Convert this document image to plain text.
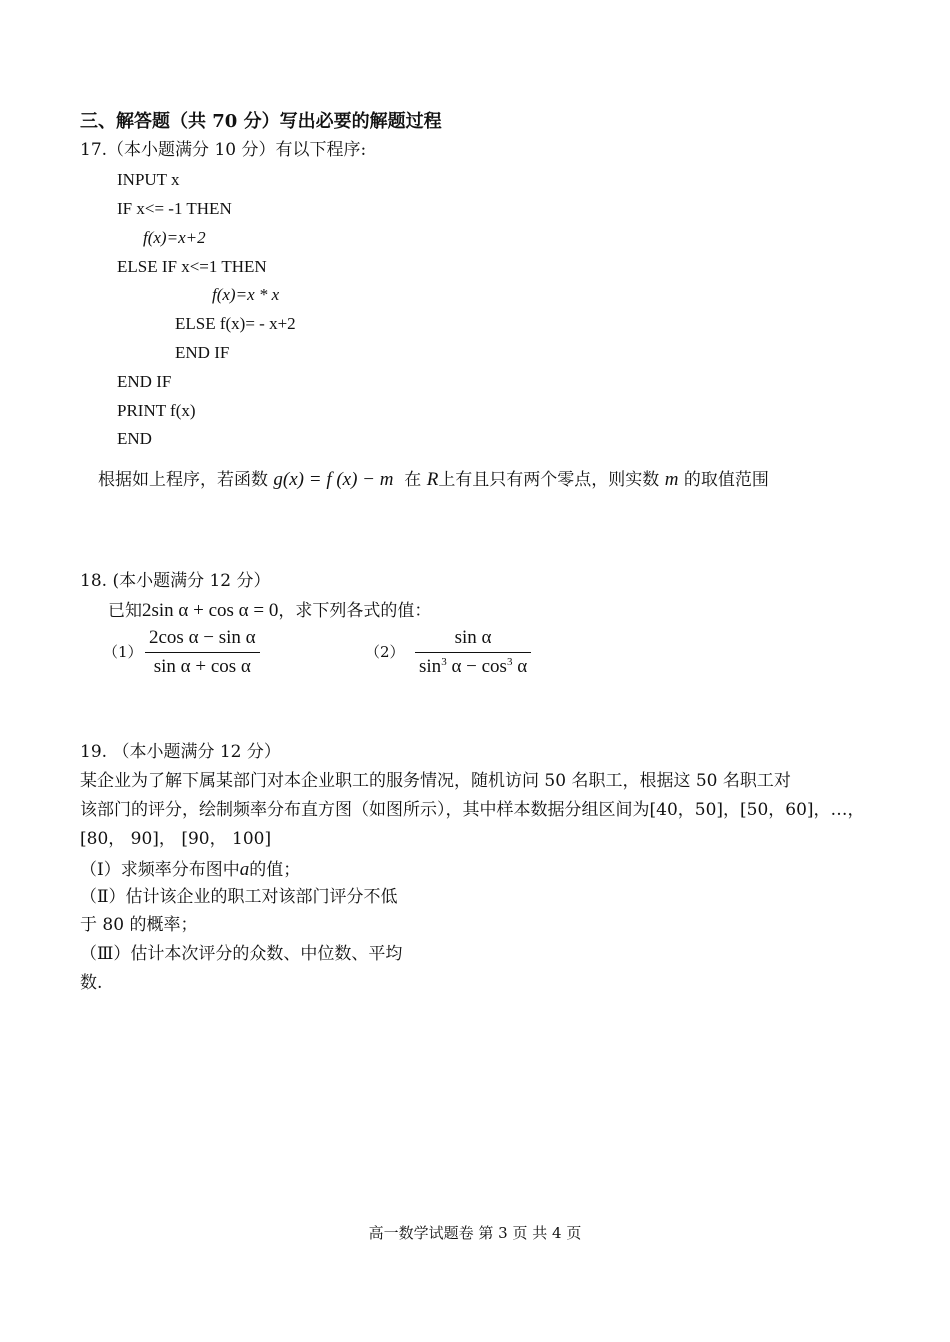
三、解答题（共 70 分）写出必要的解题过程
17.（本小题满分 10 分）有以下程序:
INPUT x
IF x<= -1 THEN
f(x)=x+2
ELSE IF x<=1 THEN
f(x)=x * x
ELSE f(x)= - x+2
END IF
END IF
PRINT f(x)
END
根据如上程序，若函数 g(x) = f (x) − m 在 R上有且只有两个零点，则实数 m 的取值范围
18. (本小题满分 12 分）
已知2sin α + cos α = 0，求下列各式的值：
（1）
2cos α − sin α
sin α + cos α
（2）
sin α
$\sin^3 \alpha - \cos^3 \alpha$
19. （本小题满分 12 分）
某企业为了解下属某部门对本企业职工的服务情况，随机访问 50 名职工，根据这 50 名职工对
该部门的评分，绘制频率分布直方图（如图所示），其中样本数据分组区间为[40，50]，[50，60]，…，
[80， 90]， [90， 100]
（Ⅰ）求频率分布图中a的值；
（Ⅱ）估计该企业的职工对该部门评分不低
于 80 的概率；
（Ⅲ）估计本次评分的众数、中位数、平均
数.
高一数学试题卷 第 3 页 共 4 页
